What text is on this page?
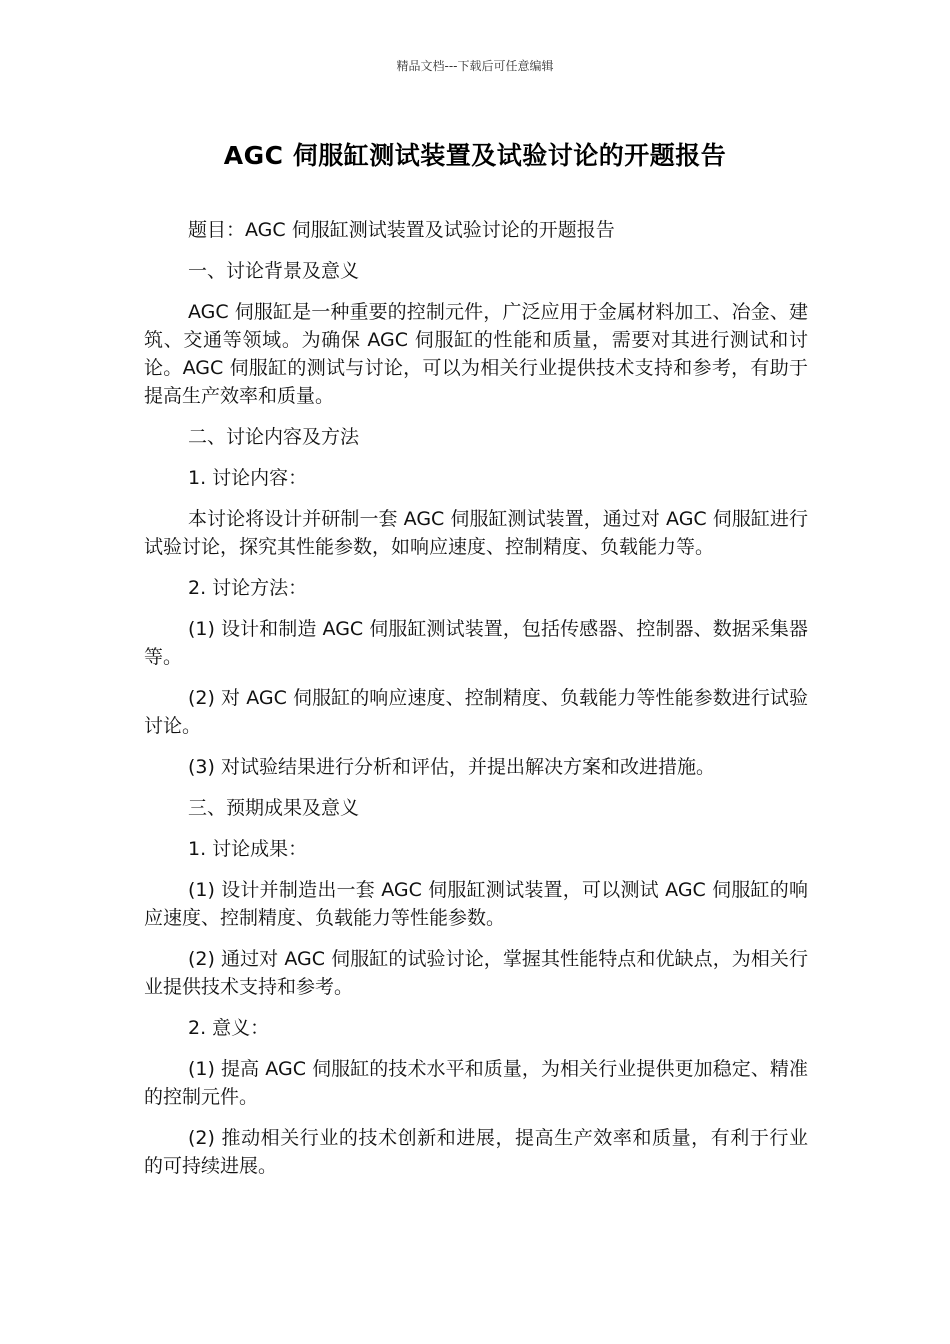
精品文档---下载后可任意编辑
AGC 伺服缸测试装置及试验讨论的开题报告

题目：AGC 伺服缸测试装置及试验讨论的开题报告

一、讨论背景及意义

AGC 伺服缸是一种重要的控制元件，广泛应用于金属材料加工、冶金、建筑、交通等领域。为确保 AGC 伺服缸的性能和质量，需要对其进行测试和讨论。AGC 伺服缸的测试与讨论，可以为相关行业提供技术支持和参考，有助于提高生产效率和质量。

二、讨论内容及方法

1. 讨论内容：

本讨论将设计并研制一套 AGC 伺服缸测试装置，通过对 AGC 伺服缸进行试验讨论，探究其性能参数，如响应速度、控制精度、负载能力等。

2. 讨论方法：

(1) 设计和制造 AGC 伺服缸测试装置，包括传感器、控制器、数据采集器等。

(2) 对 AGC 伺服缸的响应速度、控制精度、负载能力等性能参数进行试验讨论。

(3) 对试验结果进行分析和评估，并提出解决方案和改进措施。

三、预期成果及意义

1. 讨论成果：

(1) 设计并制造出一套 AGC 伺服缸测试装置，可以测试 AGC 伺服缸的响应速度、控制精度、负载能力等性能参数。

(2) 通过对 AGC 伺服缸的试验讨论，掌握其性能特点和优缺点，为相关行业提供技术支持和参考。

2. 意义：

(1) 提高 AGC 伺服缸的技术水平和质量，为相关行业提供更加稳定、精准的控制元件。

(2) 推动相关行业的技术创新和进展，提高生产效率和质量，有利于行业的可持续进展。
